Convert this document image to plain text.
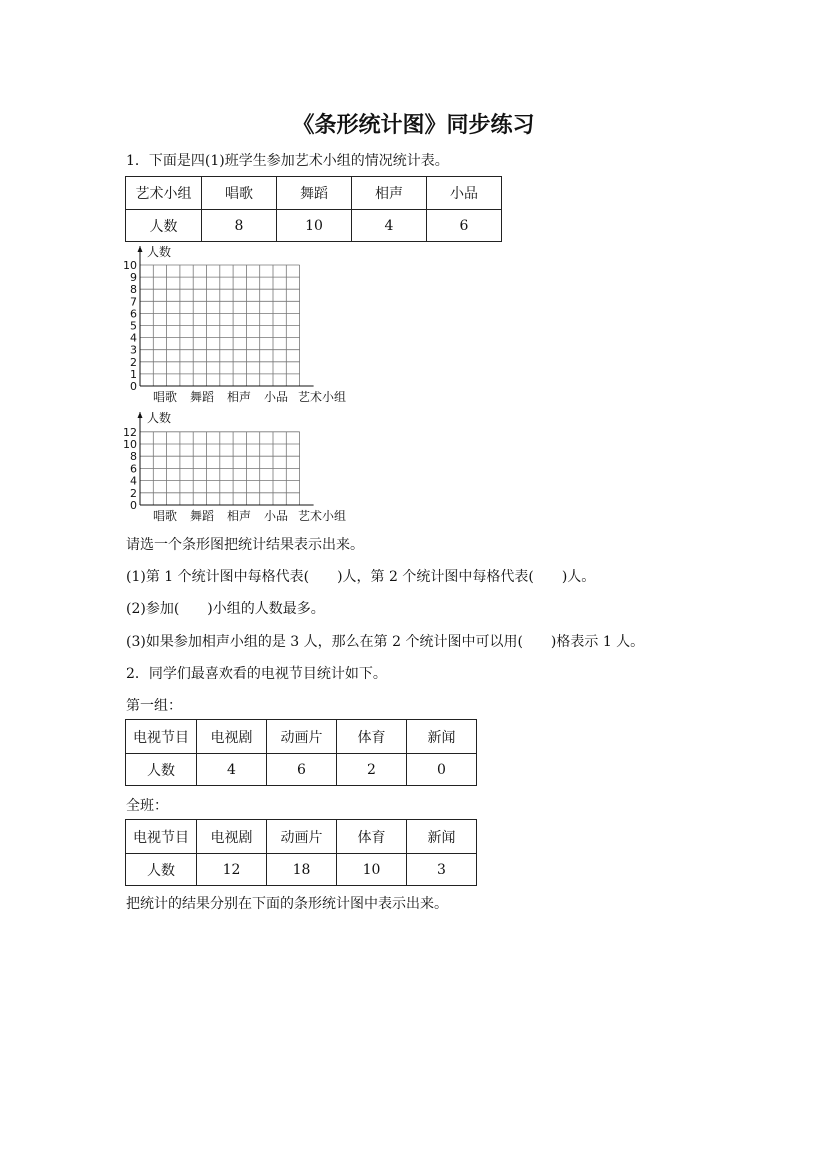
《条形统计图》同步练习
1．下面是四(1)班学生参加艺术小组的情况统计表。
艺术小组	唱歌	舞蹈	相声	小品
人数	8	10	4	6
10
9
8
7
6
5
4
3
2
1
0
人数
唱歌 舞蹈 相声 小品 艺术小组
12
10
8
6
4
2
0
人数
唱歌 舞蹈 相声 小品 艺术小组
请选一个条形图把统计结果表示出来。
(1)第 1 个统计图中每格代表(　　)人，第 2 个统计图中每格代表(　　)人。
(2)参加(　　)小组的人数最多。
(3)如果参加相声小组的是 3 人，那么在第 2 个统计图中可以用(　　)格表示 1 人。
2．同学们最喜欢看的电视节目统计如下。
第一组：
电视节目	电视剧	动画片	体育	新闻
人数	4	6	2	0
全班：
电视节目	电视剧	动画片	体育	新闻
人数	12	18	10	3
把统计的结果分别在下面的条形统计图中表示出来。
